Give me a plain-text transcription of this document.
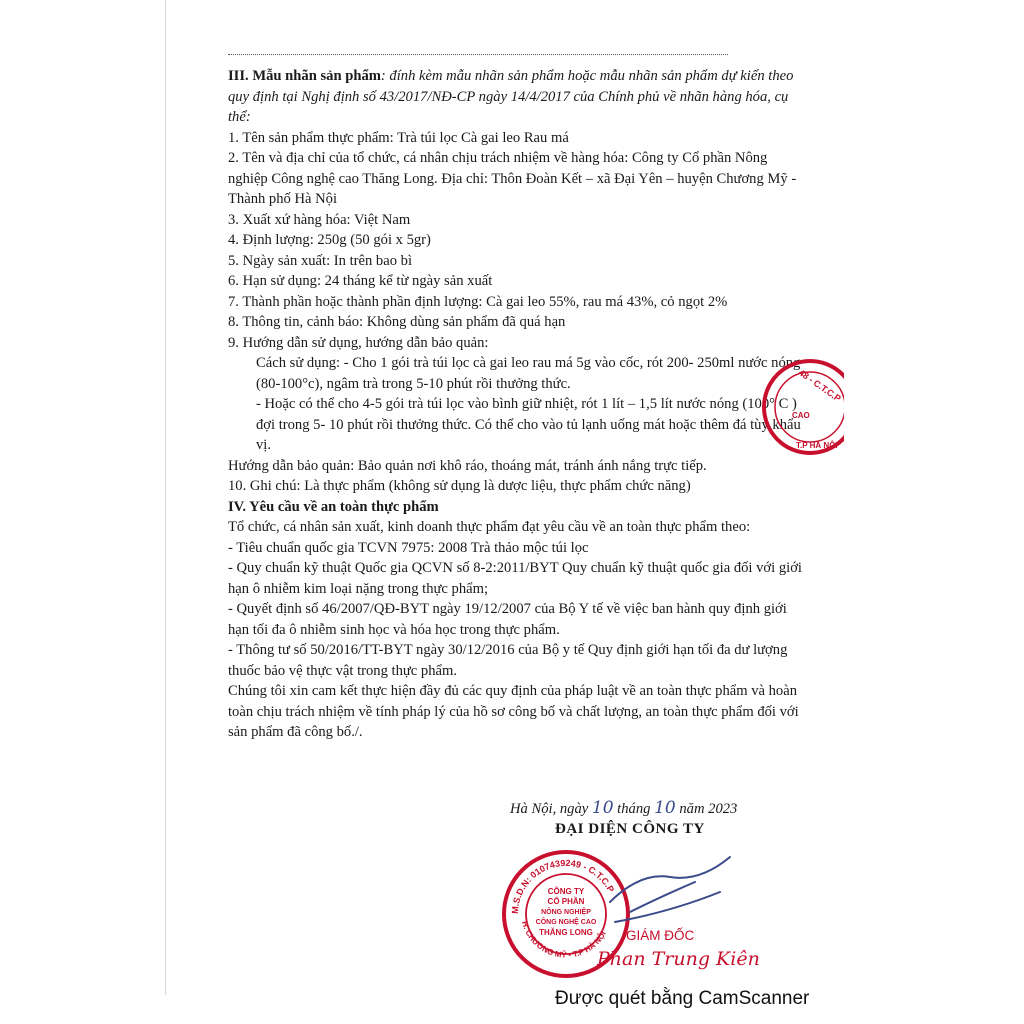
III. Mẫu nhãn sản phẩm: đính kèm mẫu nhãn sản phẩm hoặc mẫu nhãn sản phẩm dự kiến theo quy định tại Nghị định số 43/2017/NĐ-CP ngày 14/4/2017 của Chính phủ về nhãn hàng hóa, cụ thể:

1. Tên sản phẩm thực phẩm: Trà túi lọc Cà gai leo Rau má

2. Tên và địa chỉ của tổ chức, cá nhân chịu trách nhiệm về hàng hóa: Công ty Cổ phần Nông nghiệp Công nghệ cao Thăng Long. Địa chỉ: Thôn Đoàn Kết – xã Đại Yên – huyện Chương Mỹ - Thành phố Hà Nội

3. Xuất xứ hàng hóa: Việt Nam

4. Định lượng: 250g (50 gói x 5gr)

5. Ngày sản xuất: In trên bao bì

6. Hạn sử dụng: 24 tháng kể từ ngày sản xuất

7. Thành phần hoặc thành phần định lượng: Cà gai leo 55%, rau má 43%, cỏ ngọt 2%

8. Thông tin, cảnh báo: Không dùng sản phẩm đã quá hạn

9. Hướng dẫn sử dụng, hướng dẫn bảo quản:

Cách sử dụng: - Cho 1 gói trà túi lọc cà gai leo rau má 5g vào cốc, rót 200- 250ml nước nóng (80-100°c), ngâm trà trong 5-10 phút rồi thưởng thức.

- Hoặc có thể cho 4-5 gói trà túi lọc vào bình giữ nhiệt, rót 1 lít – 1,5 lít nước nóng (100° C ) đợi trong 5- 10 phút rồi thưởng thức. Có thể cho vào tủ lạnh uống mát hoặc thêm đá tùy khẩu vị.

Hướng dẫn bảo quản: Bảo quản nơi khô ráo, thoáng mát, tránh ánh nắng trực tiếp.

10. Ghi chú: Là thực phẩm (không sử dụng là dược liệu, thực phẩm chức năng)

IV. Yêu cầu về an toàn thực phẩm

Tổ chức, cá nhân sản xuất, kinh doanh thực phẩm đạt yêu cầu về an toàn thực phẩm theo:

- Tiêu chuẩn quốc gia TCVN 7975: 2008 Trà thảo mộc túi lọc

- Quy chuẩn kỹ thuật Quốc gia QCVN số 8-2:2011/BYT Quy chuẩn kỹ thuật quốc gia đối với giới hạn ô nhiễm kim loại nặng trong thực phẩm;

- Quyết định số 46/2007/QĐ-BYT ngày 19/12/2007 của Bộ Y tế về việc ban hành quy định giới hạn tối đa ô nhiễm sinh học và hóa học trong thực phẩm.

- Thông tư số 50/2016/TT-BYT ngày 30/12/2016 của Bộ y tế Quy định giới hạn tối đa dư lượng thuốc bảo vệ thực vật trong thực phẩm.

Chúng tôi xin cam kết thực hiện đầy đủ các quy định của pháp luật về an toàn thực phẩm và hoàn toàn chịu trách nhiệm về tính pháp lý của hồ sơ công bố và chất lượng, an toàn thực phẩm đối với sản phẩm đã công bố./.

Hà Nội, ngày 10 tháng 10 năm 2023
ĐẠI DIỆN CÔNG TY
48 - C.T.C.P
CAO
T.P HÀ NỘI
M.S.D.N: 0107439249 - C.T.C.P
H. CHƯƠNG MỸ - T.P HÀ NỘI
CÔNG TY
CỔ PHẦN
NÔNG NGHIỆP
CÔNG NGHỆ CAO
THĂNG LONG GIÁM ĐỐC
Phan Trung Kiên
Được quét bằng CamScanner
